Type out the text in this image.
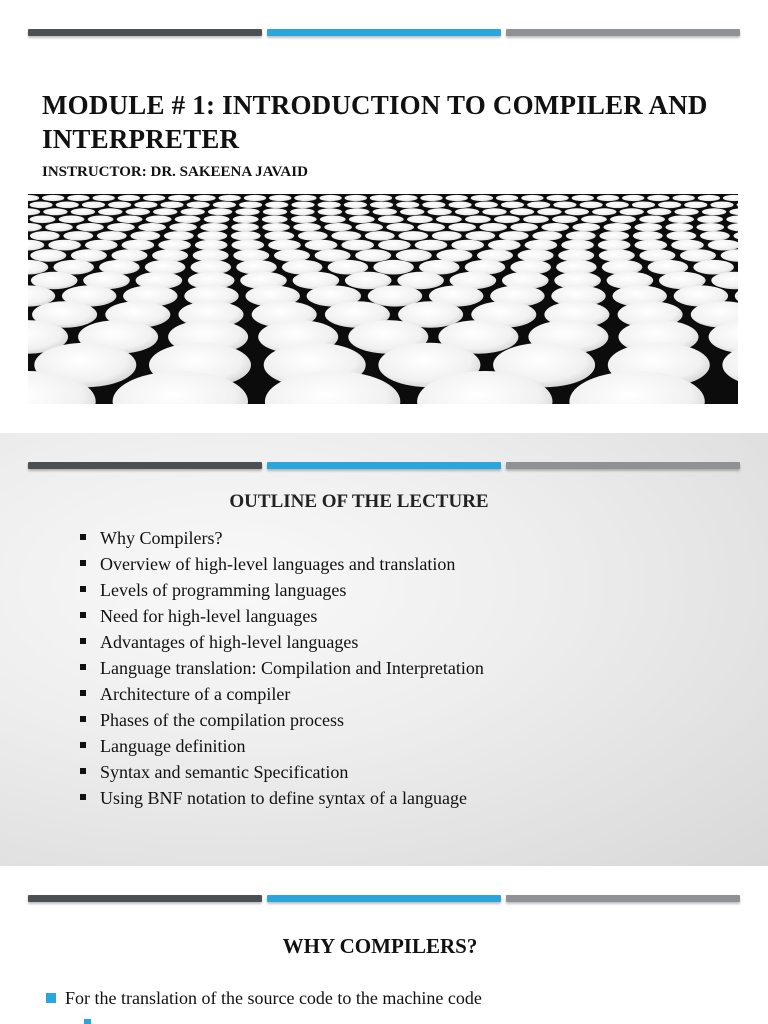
MODULE # 1: INTRODUCTION TO COMPILER AND INTERPRETER

INSTRUCTOR: DR. SAKEENA JAVAID

OUTLINE OF THE LECTURE
Why Compilers?
Overview of high-level languages and translation
Levels of programming languages
Need for high-level languages
Advantages of high-level languages
Language translation: Compilation and Interpretation
Architecture of a compiler
Phases of the compilation process
Language definition
Syntax and semantic Specification
Using BNF notation to define syntax of a language
WHY COMPILERS?
For the translation of the source code to the machine code
